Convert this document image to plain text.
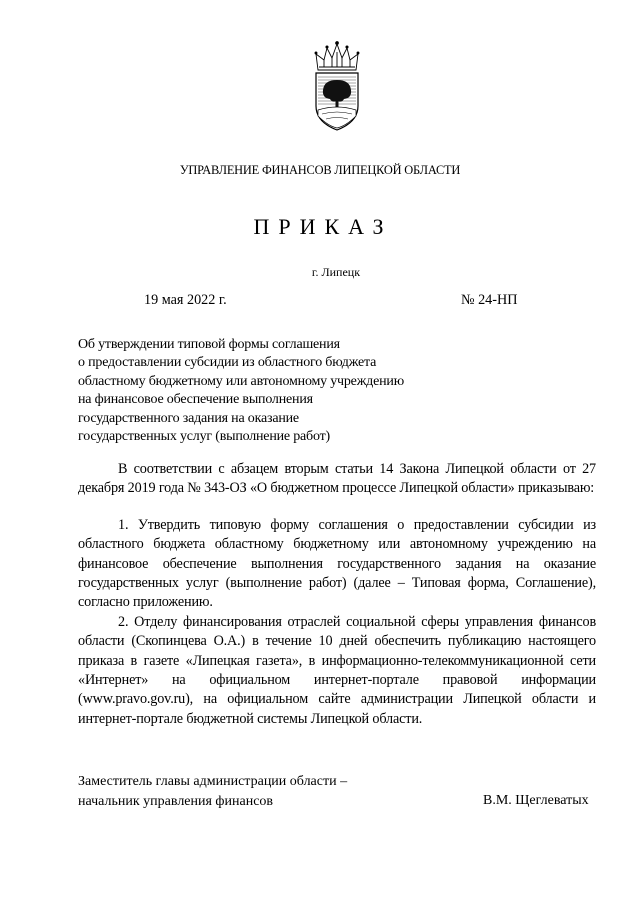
УПРАВЛЕНИЕ ФИНАНСОВ ЛИПЕЦКОЙ ОБЛАСТИ
ПРИКАЗ
г. Липецк
19 мая 2022 г.	№ 24-НП
Об утверждении типовой формы соглашения
о предоставлении субсидии из областного бюджета
областному бюджетному или автономному учреждению
на финансовое обеспечение выполнения
государственного задания на оказание
государственных услуг (выполнение работ)

В соответствии с абзацем вторым статьи 14 Закона Липецкой области от 27 декабря 2019 года № 343-ОЗ «О бюджетном процессе Липецкой области» приказываю:

1. Утвердить типовую форму соглашения о предоставлении субсидии из областного бюджета областному бюджетному или автономному учреждению на финансовое обеспечение выполнения государственного задания на оказание государственных услуг (выполнение работ) (далее – Типовая форма, Соглашение), согласно приложению.

2. Отделу финансирования отраслей социальной сферы управления финансов области (Скопинцева О.А.) в течение 10 дней обеспечить публикацию настоящего приказа в газете «Липецкая газета», в информационно-телекоммуникационной сети «Интернет» на официальном интернет-портале правовой информации (www.pravo.gov.ru), на официальном сайте администрации Липецкой области и интернет-портале бюджетной системы Липецкой области.

Заместитель главы администрации области –
начальник управления финансов	В.М. Щеглеватых
